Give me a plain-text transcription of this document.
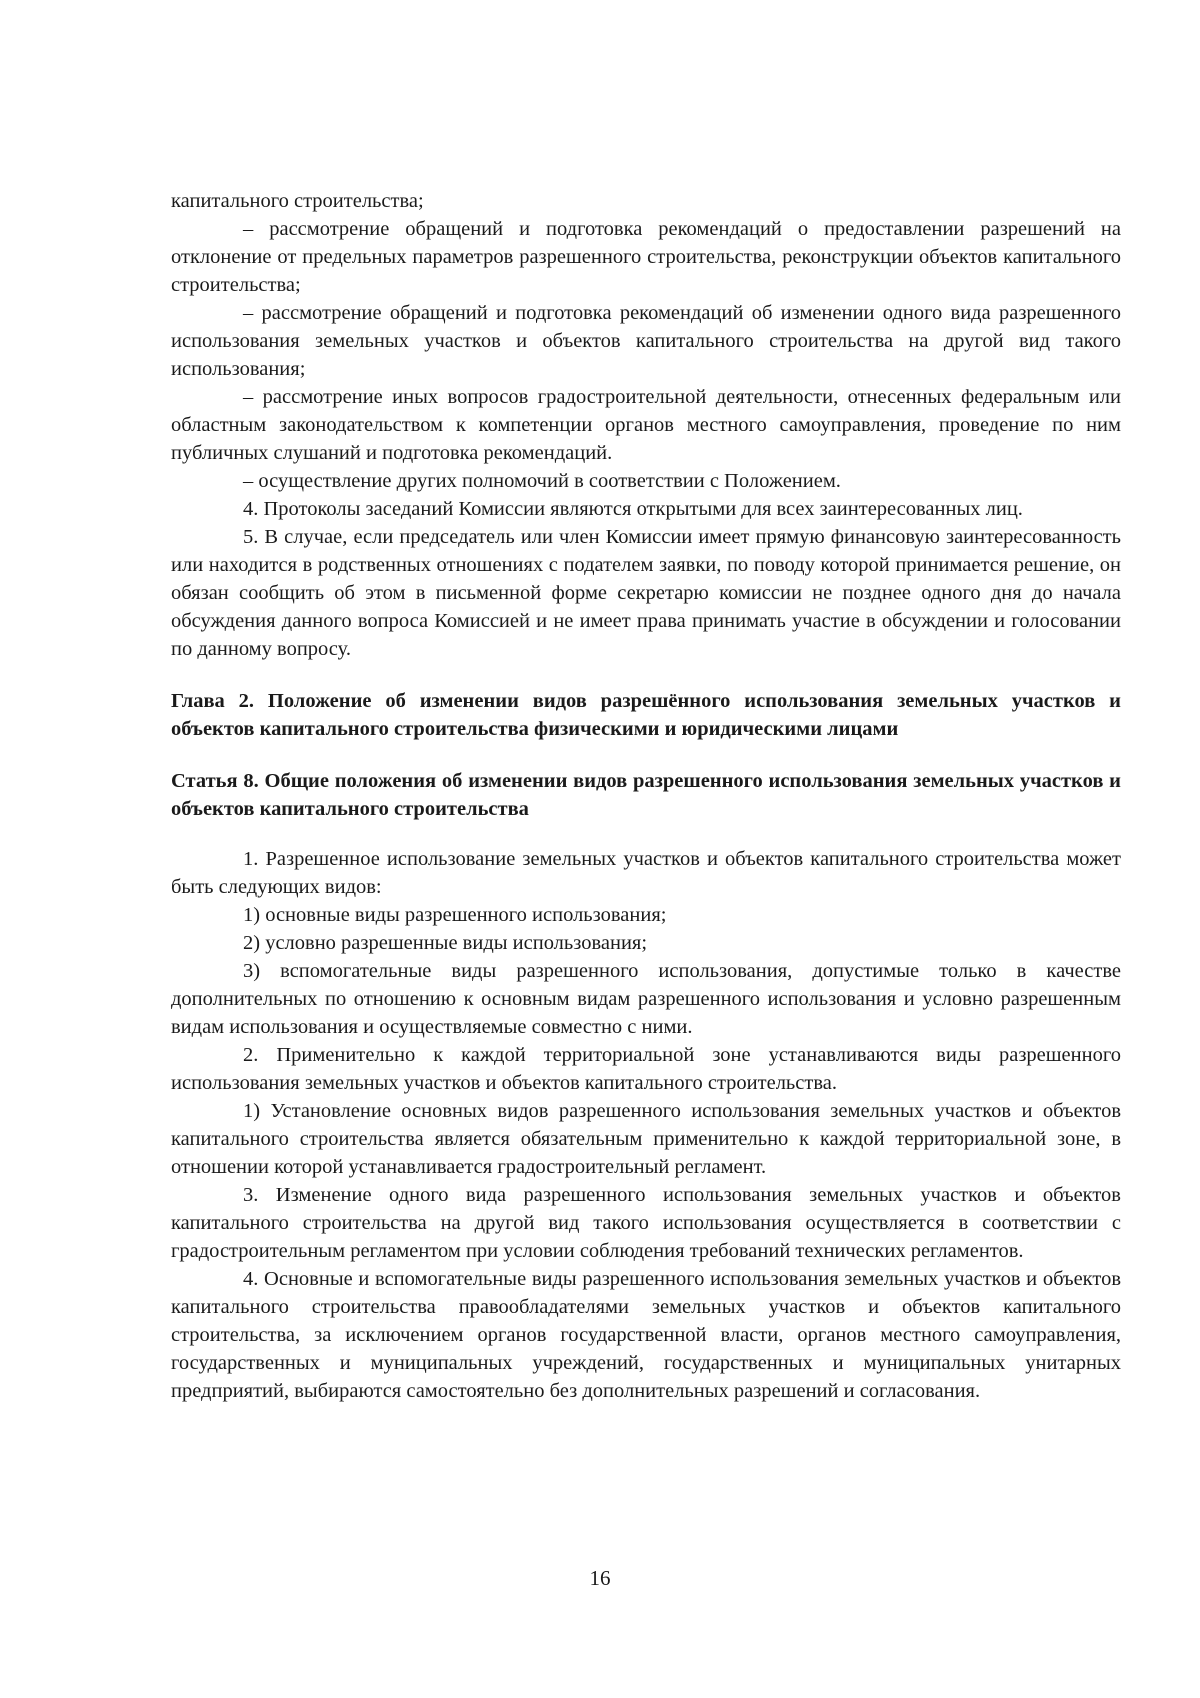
капитального строительства;

– рассмотрение обращений и подготовка рекомендаций о предоставлении разрешений на отклонение от предельных параметров разрешенного строительства, реконструкции объектов капитального строительства;

– рассмотрение обращений и подготовка рекомендаций об изменении одного вида разрешенного использования земельных участков и объектов капитального строительства на другой вид такого использования;

– рассмотрение иных вопросов градостроительной деятельности, отнесенных федеральным или областным законодательством к компетенции органов местного самоуправления, проведение по ним публичных слушаний и подготовка рекомендаций.

– осуществление других полномочий в соответствии с Положением.

4. Протоколы заседаний Комиссии являются открытыми для всех заинтересованных лиц.

5. В случае, если председатель или член Комиссии имеет прямую финансовую заинтересованность или находится в родственных отношениях с подателем заявки, по поводу которой принимается решение, он обязан сообщить об этом в письменной форме секретарю комиссии не позднее одного дня до начала обсуждения данного вопроса Комиссией и не имеет права принимать участие в обсуждении и голосовании по данному вопросу.

Глава 2. Положение об изменении видов разрешённого использования земельных участков и объектов капитального строительства физическими и юридическими лицами

Статья 8. Общие положения об изменении видов разрешенного использования земельных участков и объектов капитального строительства

1. Разрешенное использование земельных участков и объектов капитального строительства может быть следующих видов:

1) основные виды разрешенного использования;

2) условно разрешенные виды использования;

3) вспомогательные виды разрешенного использования, допустимые только в качестве дополнительных по отношению к основным видам разрешенного использования и условно разрешенным видам использования и осуществляемые совместно с ними.

2. Применительно к каждой территориальной зоне устанавливаются виды разрешенного использования земельных участков и объектов капитального строительства.

1) Установление основных видов разрешенного использования земельных участков и объектов капитального строительства является обязательным применительно к каждой территориальной зоне, в отношении которой устанавливается градостроительный регламент.

3. Изменение одного вида разрешенного использования земельных участков и объектов капитального строительства на другой вид такого использования осуществляется в соответствии с градостроительным регламентом при условии соблюдения требований технических регламентов.

4. Основные и вспомогательные виды разрешенного использования земельных участков и объектов капитального строительства правообладателями земельных участков и объектов капитального строительства, за исключением органов государственной власти, органов местного самоуправления, государственных и муниципальных учреждений, государственных и муниципальных унитарных предприятий, выбираются самостоятельно без дополнительных разрешений и согласования.

16
